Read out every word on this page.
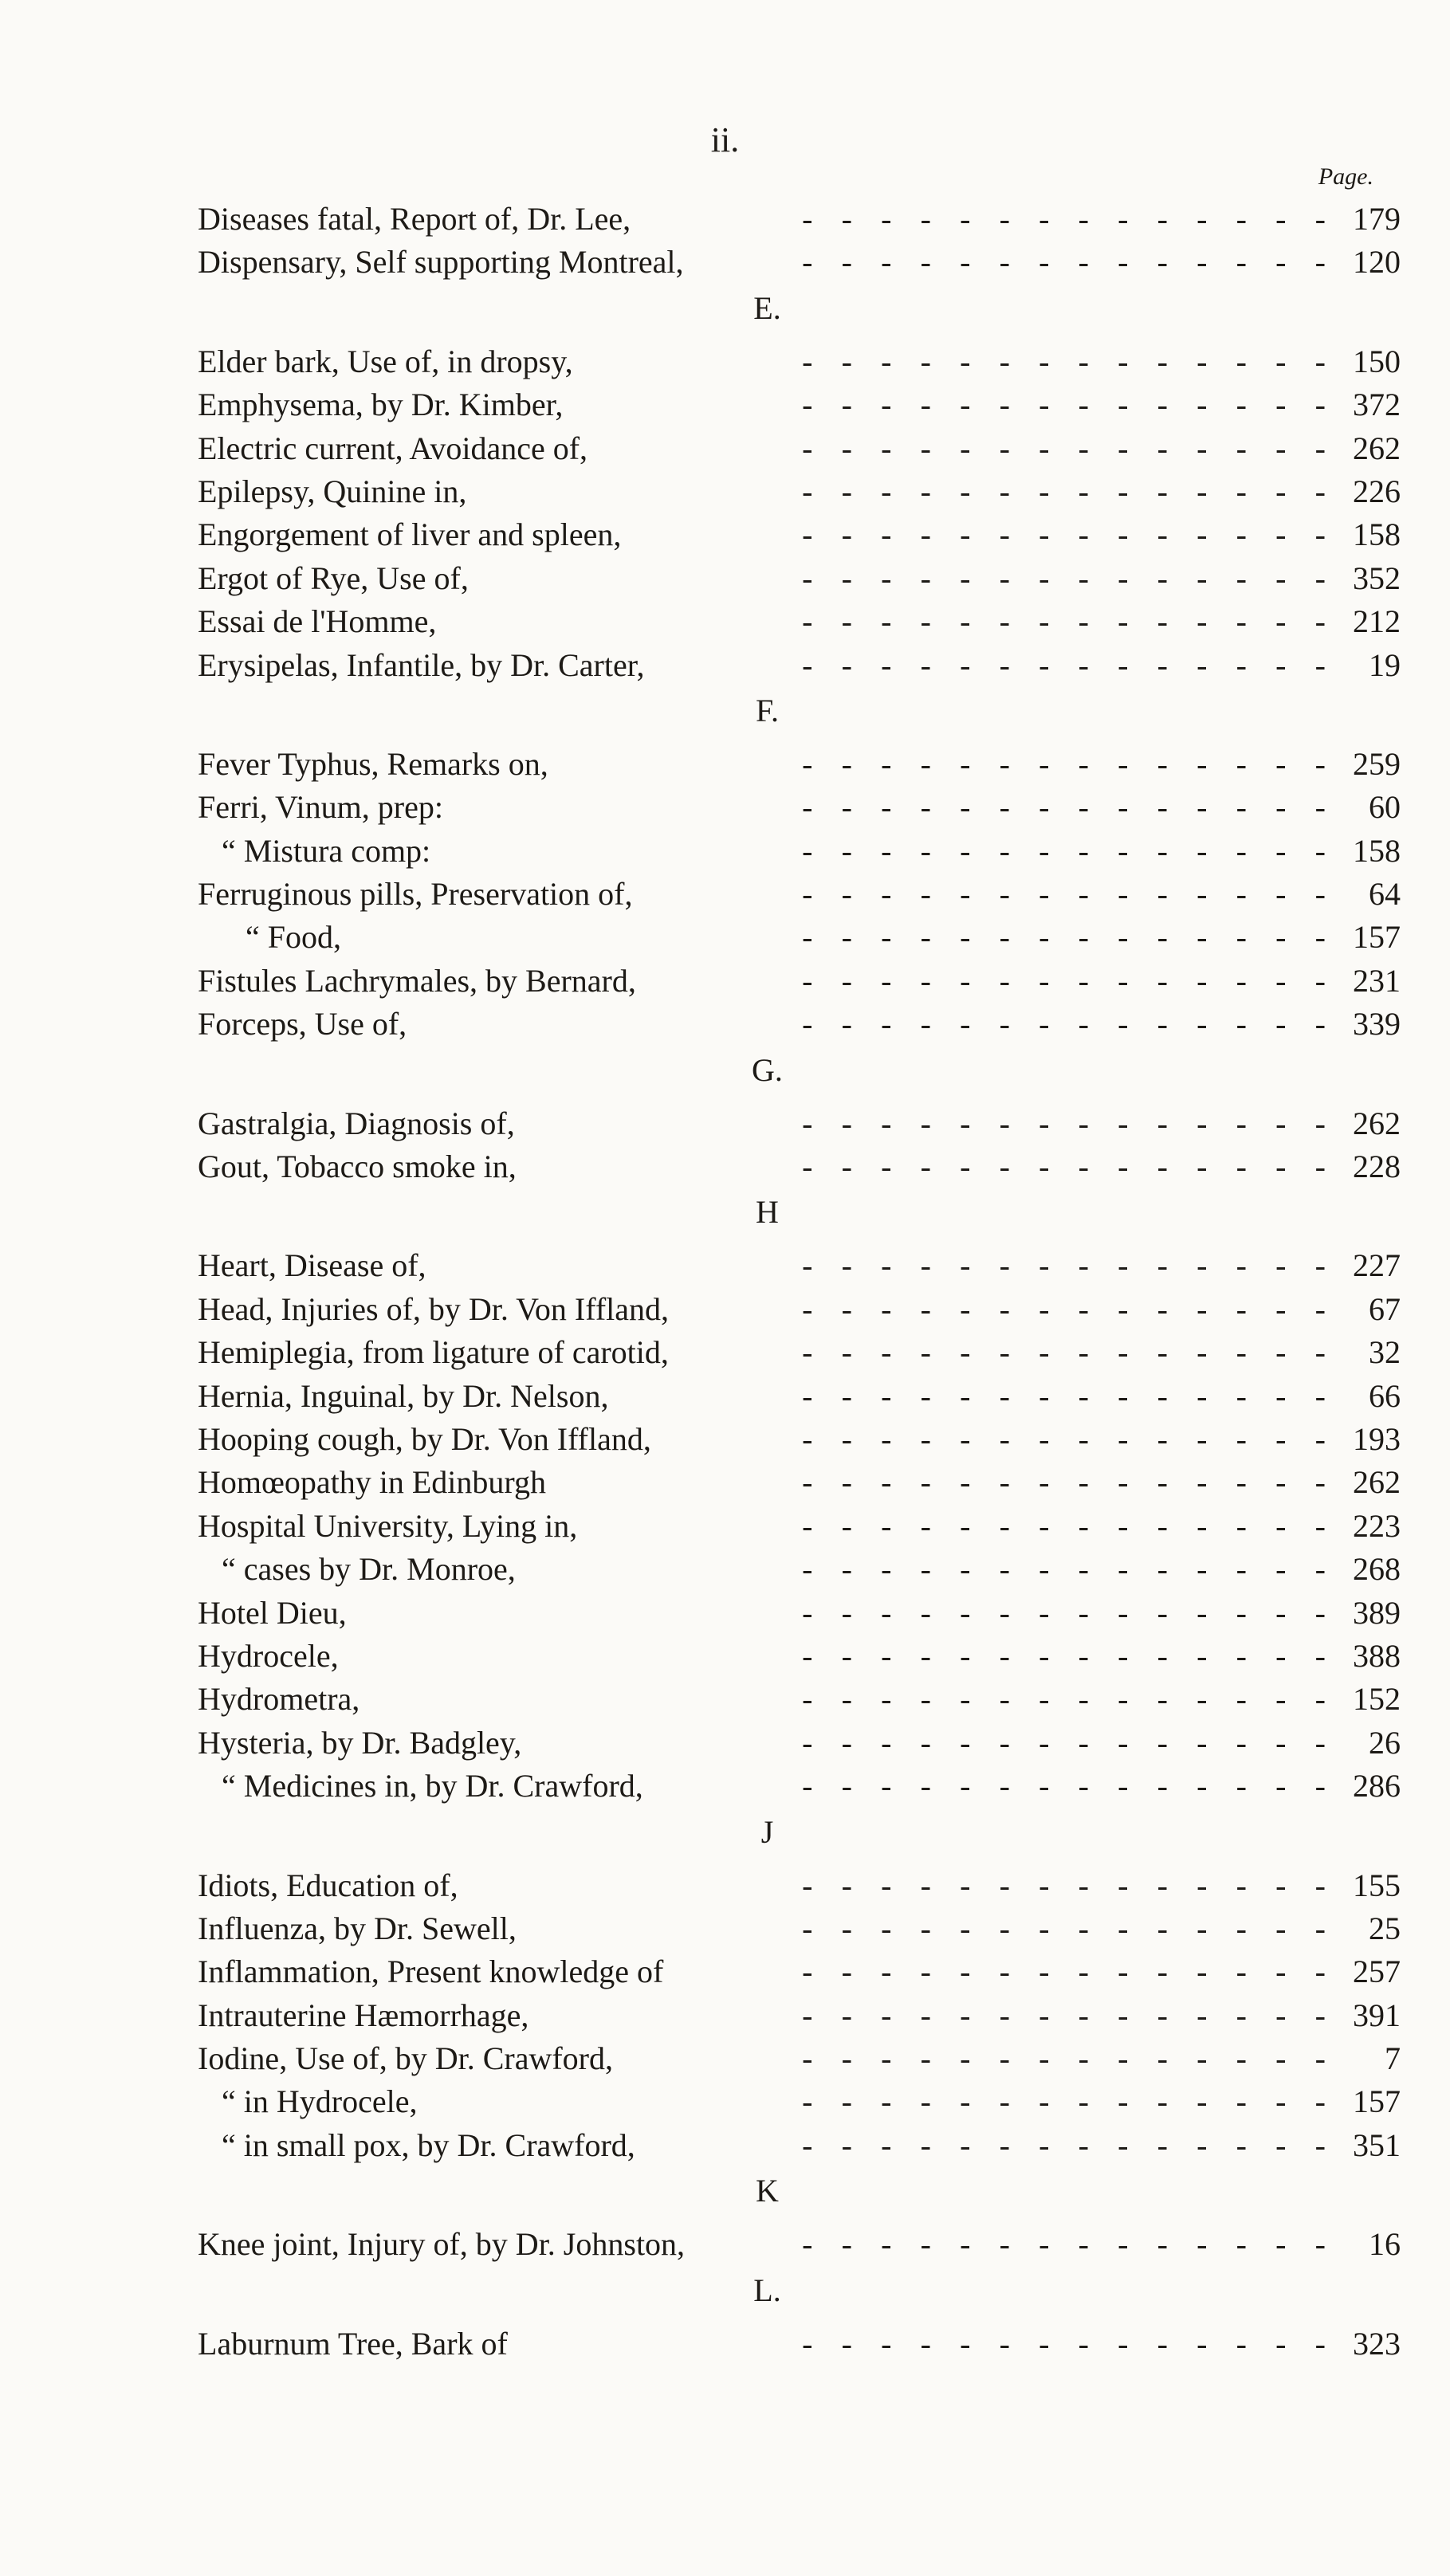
ii.
Page.
Diseases fatal, Report of, Dr. Lee,	- - - - - - - - - - - - - - 179
Dispensary, Self supporting Montreal,	- - - - - - - - - - - - - - 120
E.
Elder bark, Use of, in dropsy,	- - - - - - - - - - - - - - 150
Emphysema, by Dr. Kimber,	- - - - - - - - - - - - - - 372
Electric current, Avoidance of,	- - - - - - - - - - - - - - 262
Epilepsy, Quinine in,	- - - - - - - - - - - - - - 226
Engorgement of liver and spleen,	- - - - - - - - - - - - - - 158
Ergot of Rye, Use of,	- - - - - - - - - - - - - - 352
Essai de l'Homme,	- - - - - - - - - - - - - - 212
Erysipelas, Infantile, by Dr. Carter,	- - - - - - - - - - - - - -	19
F.
Fever Typhus, Remarks on,	- - - - - - - - - - - - - - 259
Ferri, Vinum, prep:	- - - - - - - - - - - - - -	60
“ Mistura comp:	- - - - - - - - - - - - - - 158
Ferruginous pills, Preservation of,	- - - - - - - - - - - - - -	64
“ Food,	- - - - - - - - - - - - - - 157
Fistules Lachrymales, by Bernard,	- - - - - - - - - - - - - - 231
Forceps, Use of,	- - - - - - - - - - - - - - 339
G.
Gastralgia, Diagnosis of,	- - - - - - - - - - - - - - 262
Gout, Tobacco smoke in,	- - - - - - - - - - - - - - 228
H
Heart, Disease of,	- - - - - - - - - - - - - - 227
Head, Injuries of, by Dr. Von Iffland,	- - - - - - - - - - - - - -	67
Hemiplegia, from ligature of carotid,	- - - - - - - - - - - - - -	32
Hernia, Inguinal, by Dr. Nelson,	- - - - - - - - - - - - - -	66
Hooping cough, by Dr. Von Iffland,	- - - - - - - - - - - - - - 193
Homœopathy in Edinburgh	- - - - - - - - - - - - - - 262
Hospital University, Lying in,	- - - - - - - - - - - - - - 223
“ cases by Dr. Monroe,	- - - - - - - - - - - - - - 268
Hotel Dieu,	- - - - - - - - - - - - - - 389
Hydrocele,	- - - - - - - - - - - - - - 388
Hydrometra,	- - - - - - - - - - - - - - 152
Hysteria, by Dr. Badgley,	- - - - - - - - - - - - - -	26
“ Medicines in, by Dr. Crawford,	- - - - - - - - - - - - - - 286
J
Idiots, Education of,	- - - - - - - - - - - - - - 155
Influenza, by Dr. Sewell,	- - - - - - - - - - - - - -	25
Inflammation, Present knowledge of	- - - - - - - - - - - - - - 257
Intrauterine Hæmorrhage,	- - - - - - - - - - - - - - 391
Iodine, Use of, by Dr. Crawford,	- - - - - - - - - - - - - -	7
“ in Hydrocele,	- - - - - - - - - - - - - - 157
“ in small pox, by Dr. Crawford,	- - - - - - - - - - - - - - 351
K
Knee joint, Injury of, by Dr. Johnston,	- - - - - - - - - - - - - -	16
L.
Laburnum Tree, Bark of	- - - - - - - - - - - - - - 323
